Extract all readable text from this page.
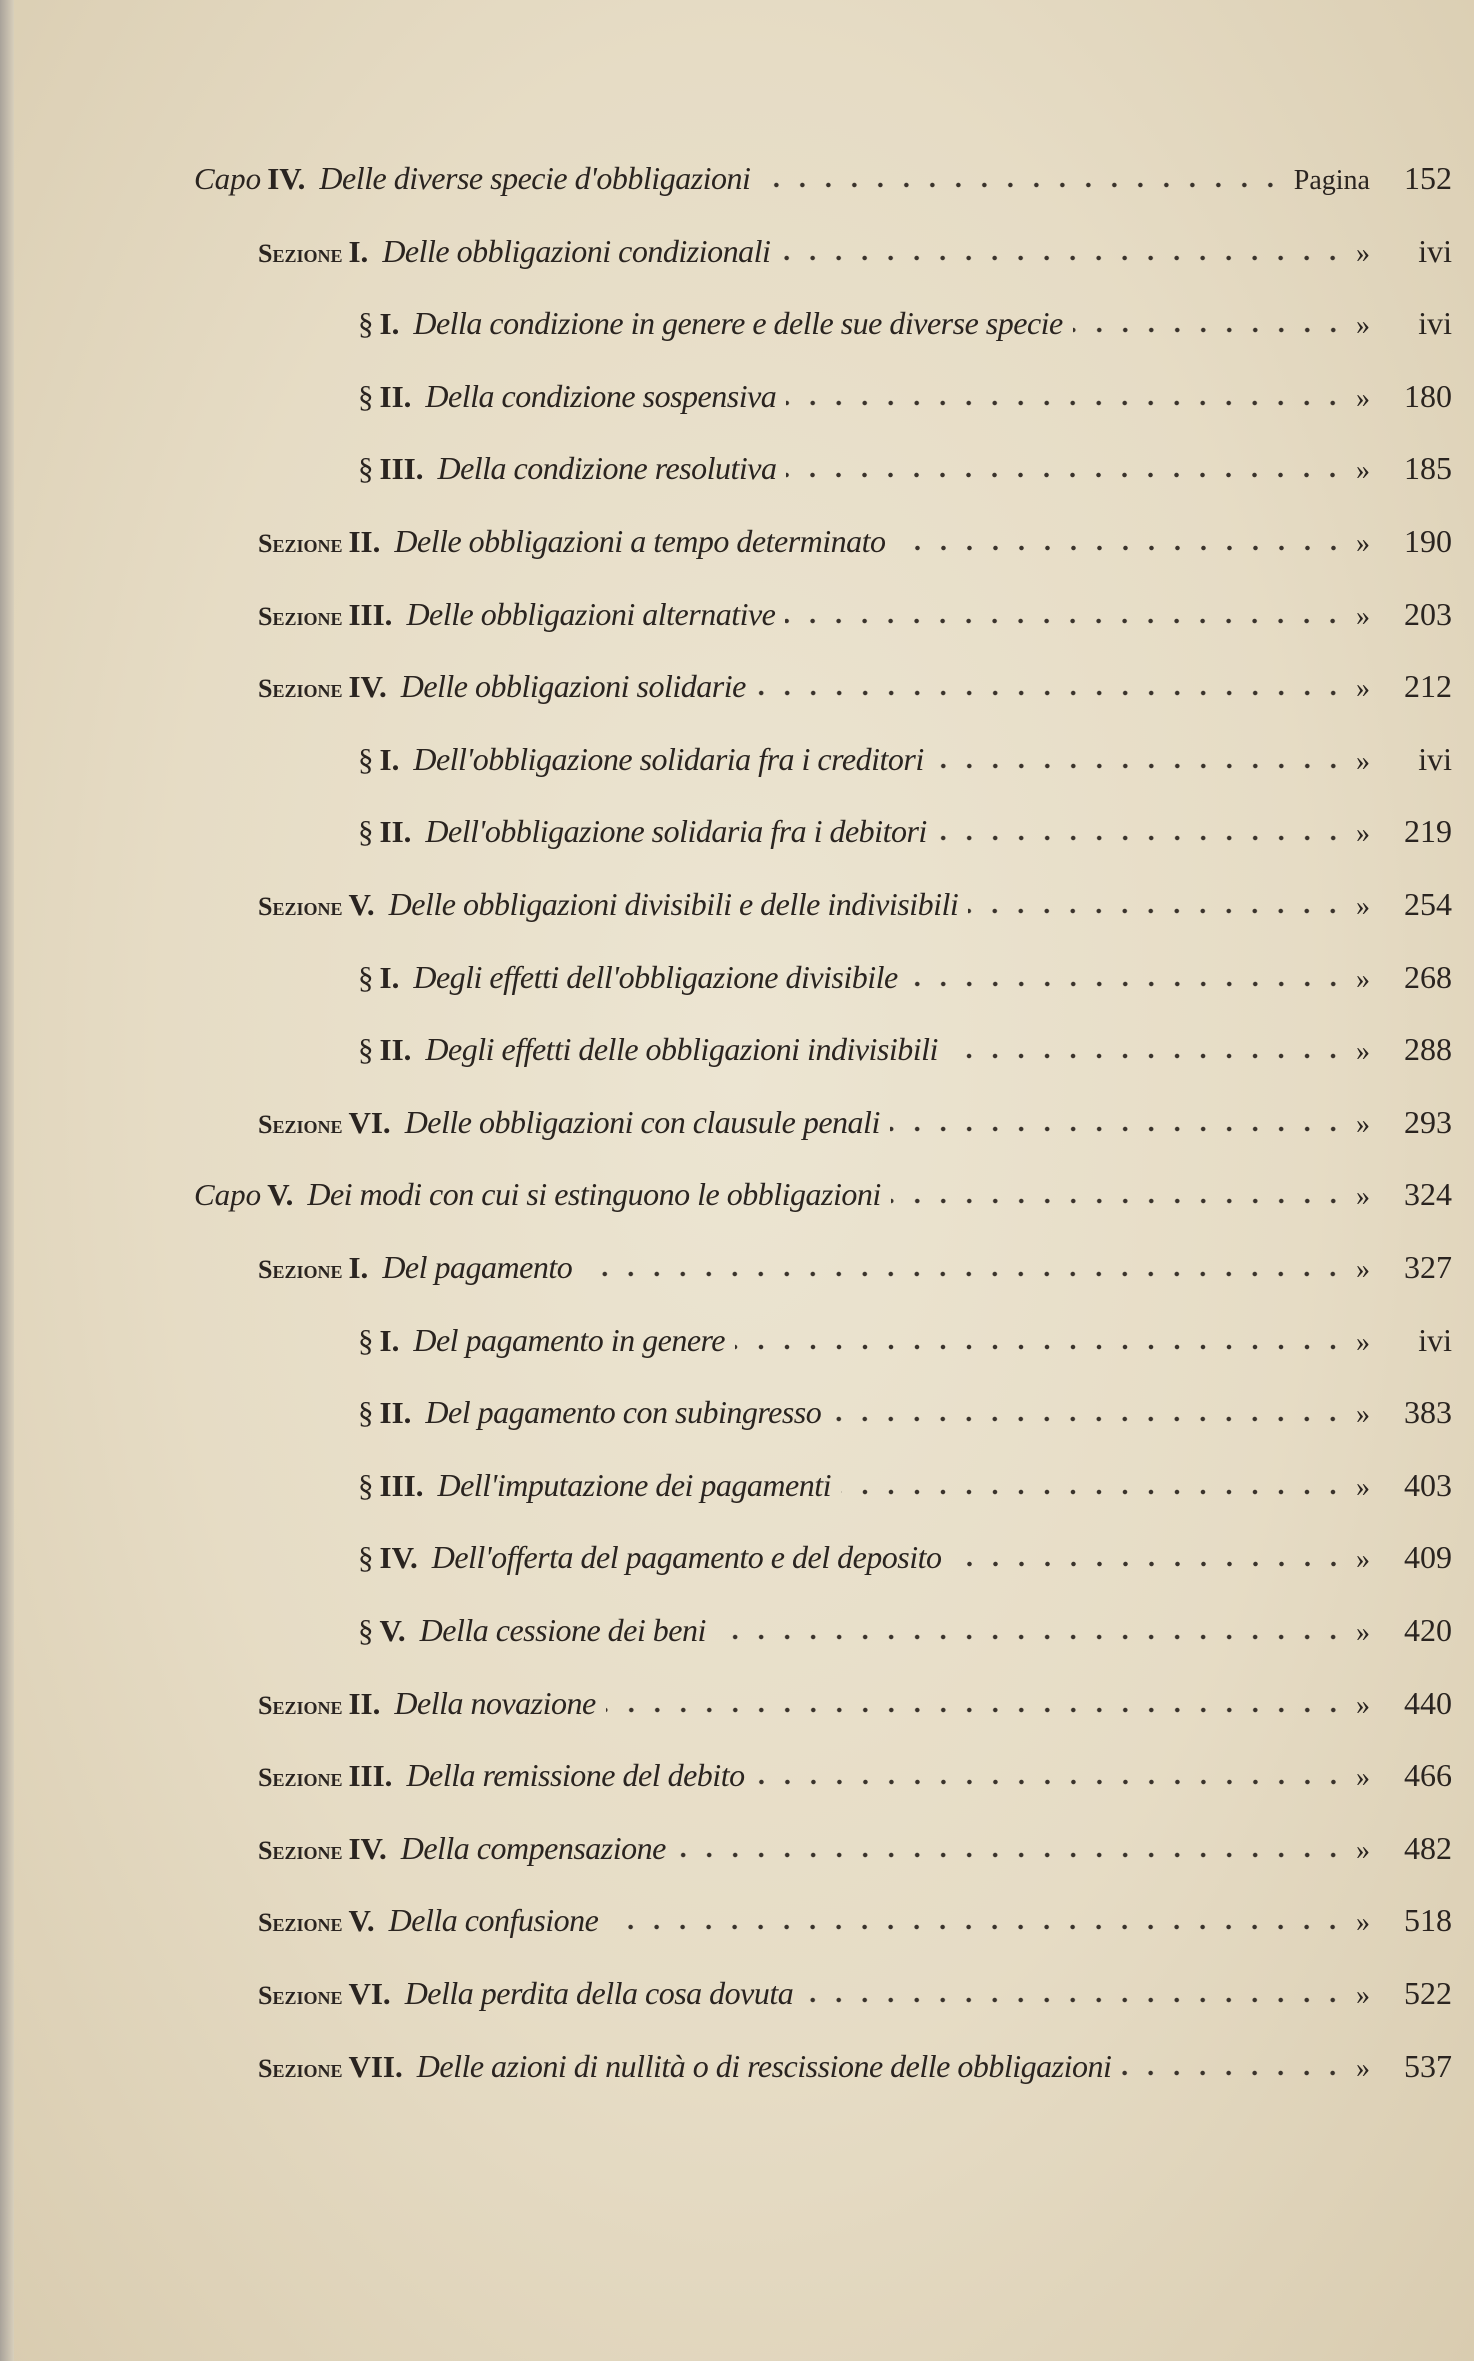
Capo IV. Delle diverse specie d'obbligazioni	Pagina	152
Sezione I. Delle obbligazioni condizionali	»	ivi
§ I. Della condizione in genere e delle sue diverse specie	»	ivi
§ II. Della condizione sospensiva	»	180
§ III. Della condizione resolutiva	»	185
Sezione II. Delle obbligazioni a tempo determinato	»	190
Sezione III. Delle obbligazioni alternative	»	203
Sezione IV. Delle obbligazioni solidarie	»	212
§ I. Dell'obbligazione solidaria fra i creditori	»	ivi
§ II. Dell'obbligazione solidaria fra i debitori	»	219
Sezione V. Delle obbligazioni divisibili e delle indivisibili	»	254
§ I. Degli effetti dell'obbligazione divisibile	»	268
§ II. Degli effetti delle obbligazioni indivisibili	»	288
Sezione VI. Delle obbligazioni con clausule penali	»	293
Capo V. Dei modi con cui si estinguono le obbligazioni	»	324
Sezione I. Del pagamento	»	327
§ I. Del pagamento in genere	»	ivi
§ II. Del pagamento con subingresso	»	383
§ III. Dell'imputazione dei pagamenti	»	403
§ IV. Dell'offerta del pagamento e del deposito	»	409
§ V. Della cessione dei beni	»	420
Sezione II. Della novazione	»	440
Sezione III. Della remissione del debito	»	466
Sezione IV. Della compensazione	»	482
Sezione V. Della confusione	»	518
Sezione VI. Della perdita della cosa dovuta	»	522
Sezione VII. Delle azioni di nullità o di rescissione delle obbligazioni	»	537
